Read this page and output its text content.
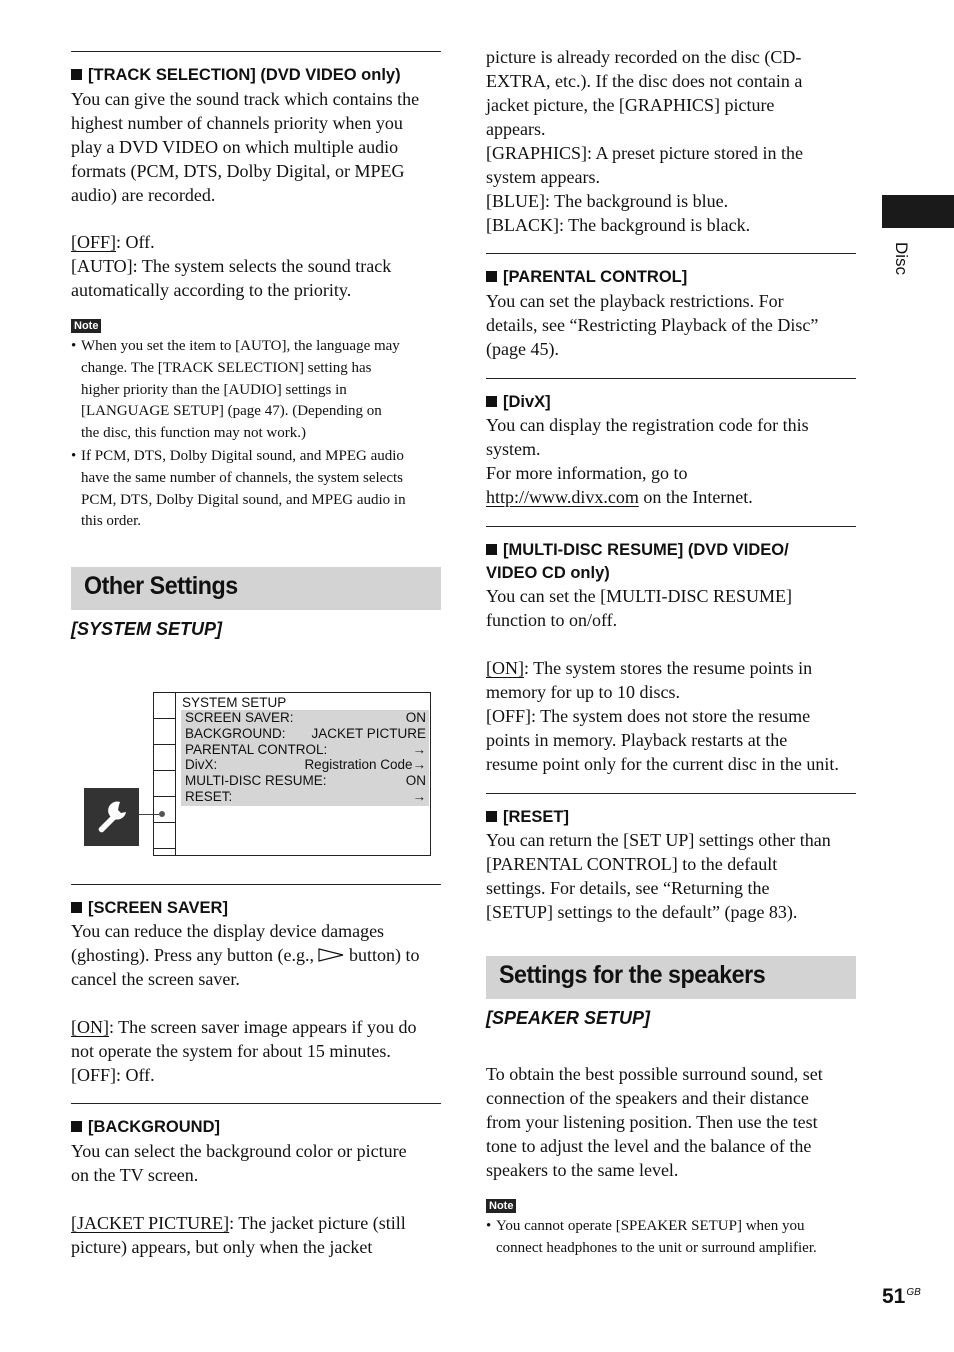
[TRACK SELECTION] (DVD VIDEO only)

You can give the sound track which contains the

highest number of channels priority when you

play a DVD VIDEO on which multiple audio

formats (PCM, DTS, Dolby Digital, or MPEG

audio) are recorded.

[OFF]: Off.

[AUTO]: The system selects the sound track

automatically according to the priority.

Note
• When you set the item to [AUTO], the language may
change. The [TRACK SELECTION] setting has
higher priority than the [AUDIO] settings in
[LANGUAGE SETUP] (page 47). (Depending on
the disc, this function may not work.)
• If PCM, DTS, Dolby Digital sound, and MPEG audio
have the same number of channels, the system selects
PCM, DTS, Dolby Digital sound, and MPEG audio in
this order.
Other Settings
[SYSTEM SETUP]
SYSTEM SETUP
SCREEN SAVER:	ON
BACKGROUND: JACKET PICTURE
PARENTAL CONTROL:	→
DivX:	Registration Code→
MULTI-DISC RESUME:	ON
RESET:	→
[SCREEN SAVER]

You can reduce the display device damages

(ghosting). Press any button (e.g.,  button) to

cancel the screen saver.

[ON]: The screen saver image appears if you do

not operate the system for about 15 minutes.

[OFF]: Off.

[BACKGROUND]

You can select the background color or picture

on the TV screen.

[JACKET PICTURE]: The jacket picture (still

picture) appears, but only when the jacket

picture is already recorded on the disc (CD-

EXTRA, etc.). If the disc does not contain a

jacket picture, the [GRAPHICS] picture

appears.

[GRAPHICS]: A preset picture stored in the

system appears.

[BLUE]: The background is blue.

[BLACK]: The background is black.

[PARENTAL CONTROL]

You can set the playback restrictions. For

details, see “Restricting Playback of the Disc”

(page 45).

[DivX]

You can display the registration code for this

system.

For more information, go to

http://www.divx.com on the Internet.

[MULTI-DISC RESUME] (DVD VIDEO/
VIDEO CD only)

You can set the [MULTI-DISC RESUME]

function to on/off.

[ON]: The system stores the resume points in

memory for up to 10 discs.

[OFF]: The system does not store the resume

points in memory. Playback restarts at the

resume point only for the current disc in the unit.

[RESET]

You can return the [SET UP] settings other than

[PARENTAL CONTROL] to the default

settings. For details, see “Returning the

[SETUP] settings to the default” (page 83).

Settings for the speakers
[SPEAKER SETUP]

To obtain the best possible surround sound, set

connection of the speakers and their distance

from your listening position. Then use the test

tone to adjust the level and the balance of the

speakers to the same level.

Note
• You cannot operate [SPEAKER SETUP] when you
connect headphones to the unit or surround amplifier.
Disc
$51^{GB}$
